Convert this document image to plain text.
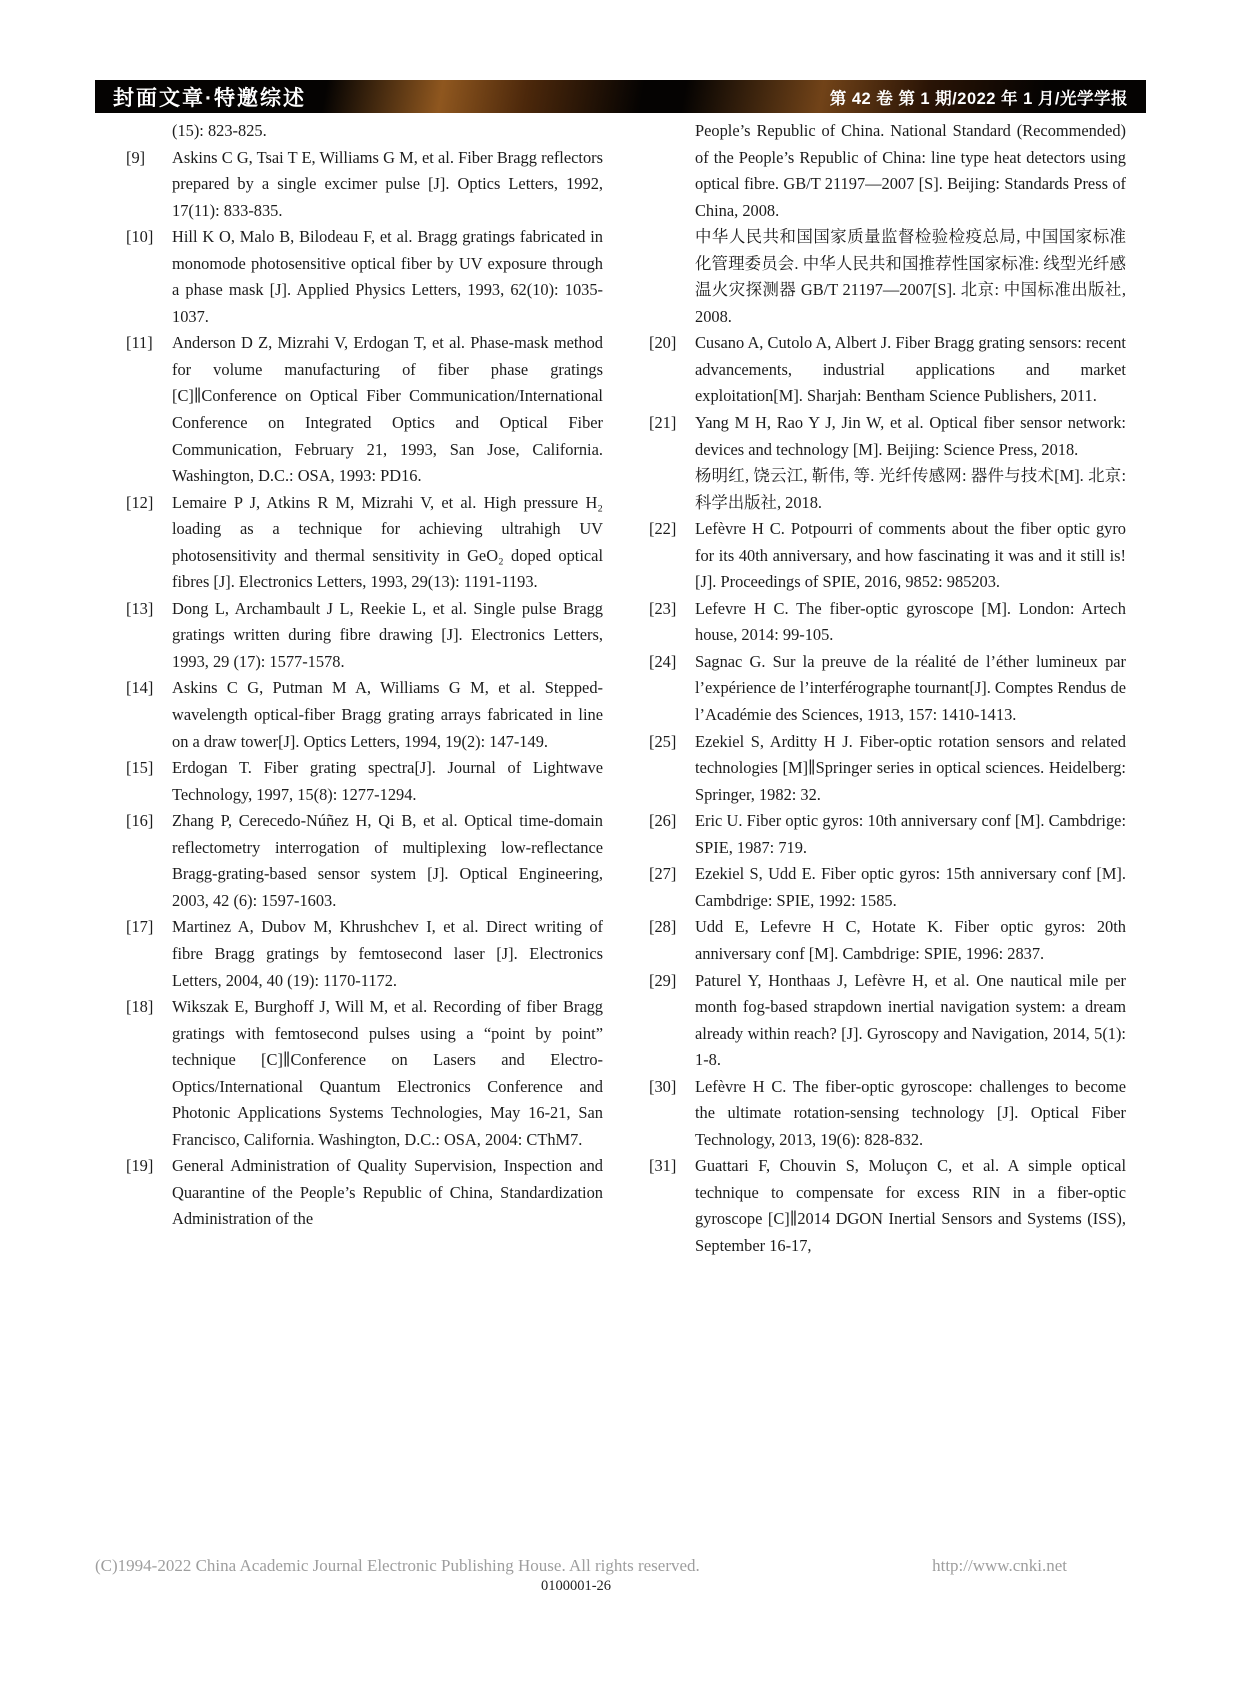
封面文章·特邀综述	第 42 卷 第 1 期/2022 年 1 月/光学学报
(15): 823-825.
[9]	Askins C G, Tsai T E, Williams G M, et al. Fiber Bragg reflectors prepared by a single excimer pulse [J]. Optics Letters, 1992, 17(11): 833-835.
[10]	Hill K O, Malo B, Bilodeau F, et al. Bragg gratings fabricated in monomode photosensitive optical fiber by UV exposure through a phase mask [J]. Applied Physics Letters, 1993, 62(10): 1035-1037.
[11]	Anderson D Z, Mizrahi V, Erdogan T, et al. Phase-mask method for volume manufacturing of fiber phase gratings [C]∥Conference on Optical Fiber Communication/International Conference on Integrated Optics and Optical Fiber Communication, February 21, 1993, San Jose, California. Washington, D.C.: OSA, 1993: PD16.
[12]	Lemaire P J, Atkins R M, Mizrahi V, et al. High pressure H₂ loading as a technique for achieving ultrahigh UV photosensitivity and thermal sensitivity in GeO₂ doped optical fibres [J]. Electronics Letters, 1993, 29(13): 1191-1193.
[13]	Dong L, Archambault J L, Reekie L, et al. Single pulse Bragg gratings written during fibre drawing [J]. Electronics Letters, 1993, 29 (17): 1577-1578.
[14]	Askins C G, Putman M A, Williams G M, et al. Stepped-wavelength optical-fiber Bragg grating arrays fabricated in line on a draw tower[J]. Optics Letters, 1994, 19(2): 147-149.
[15]	Erdogan T. Fiber grating spectra[J]. Journal of Lightwave Technology, 1997, 15(8): 1277-1294.
[16]	Zhang P, Cerecedo-Núñez H, Qi B, et al. Optical time-domain reflectometry interrogation of multiplexing low-reflectance Bragg-grating-based sensor system [J]. Optical Engineering, 2003, 42 (6): 1597-1603.
[17]	Martinez A, Dubov M, Khrushchev I, et al. Direct writing of fibre Bragg gratings by femtosecond laser [J]. Electronics Letters, 2004, 40 (19): 1170-1172.
[18]	Wikszak E, Burghoff J, Will M, et al. Recording of fiber Bragg gratings with femtosecond pulses using a “point by point” technique [C]∥Conference on Lasers and Electro-Optics/International Quantum Electronics Conference and Photonic Applications Systems Technologies, May 16-21, San Francisco, California. Washington, D.C.: OSA, 2004: CThM7.
[19]	General Administration of Quality Supervision, Inspection and Quarantine of the People’s Republic of China, Standardization Administration of the
People’s Republic of China. National Standard (Recommended) of the People’s Republic of China: line type heat detectors using optical fibre. GB/T 21197—2007 [S]. Beijing: Standards Press of China, 2008.
中华人民共和国国家质量监督检验检疫总局, 中国国家标准化管理委员会. 中华人民共和国推荐性国家标准: 线型光纤感温火灾探测器 GB/T 21197—2007[S]. 北京: 中国标准出版社, 2008.
[20]	Cusano A, Cutolo A, Albert J. Fiber Bragg grating sensors: recent advancements, industrial applications and market exploitation[M]. Sharjah: Bentham Science Publishers, 2011.
[21]	Yang M H, Rao Y J, Jin W, et al. Optical fiber sensor network: devices and technology [M]. Beijing: Science Press, 2018.
杨明红, 饶云江, 靳伟, 等. 光纤传感网: 器件与技术[M]. 北京: 科学出版社, 2018.
[22]	Lefèvre H C. Potpourri of comments about the fiber optic gyro for its 40th anniversary, and how fascinating it was and it still is![J]. Proceedings of SPIE, 2016, 9852: 985203.
[23]	Lefevre H C. The fiber-optic gyroscope [M]. London: Artech house, 2014: 99-105.
[24]	Sagnac G. Sur la preuve de la réalité de l’éther lumineux par l’expérience de l’interférographe tournant[J]. Comptes Rendus de l’Académie des Sciences, 1913, 157: 1410-1413.
[25]	Ezekiel S, Arditty H J. Fiber-optic rotation sensors and related technologies [M]∥Springer series in optical sciences. Heidelberg: Springer, 1982: 32.
[26]	Eric U. Fiber optic gyros: 10th anniversary conf [M]. Cambdrige: SPIE, 1987: 719.
[27]	Ezekiel S, Udd E. Fiber optic gyros: 15th anniversary conf [M]. Cambdrige: SPIE, 1992: 1585.
[28]	Udd E, Lefevre H C, Hotate K. Fiber optic gyros: 20th anniversary conf [M]. Cambdrige: SPIE, 1996: 2837.
[29]	Paturel Y, Honthaas J, Lefèvre H, et al. One nautical mile per month fog-based strapdown inertial navigation system: a dream already within reach? [J]. Gyroscopy and Navigation, 2014, 5(1): 1-8.
[30]	Lefèvre H C. The fiber-optic gyroscope: challenges to become the ultimate rotation-sensing technology [J]. Optical Fiber Technology, 2013, 19(6): 828-832.
[31]	Guattari F, Chouvin S, Moluçon C, et al. A simple optical technique to compensate for excess RIN in a fiber-optic gyroscope [C]∥2014 DGON Inertial Sensors and Systems (ISS), September 16-17,
(C)1994-2022 China Academic Journal Electronic Publishing House. All rights reserved.	http://www.cnki.net
0100001-26
